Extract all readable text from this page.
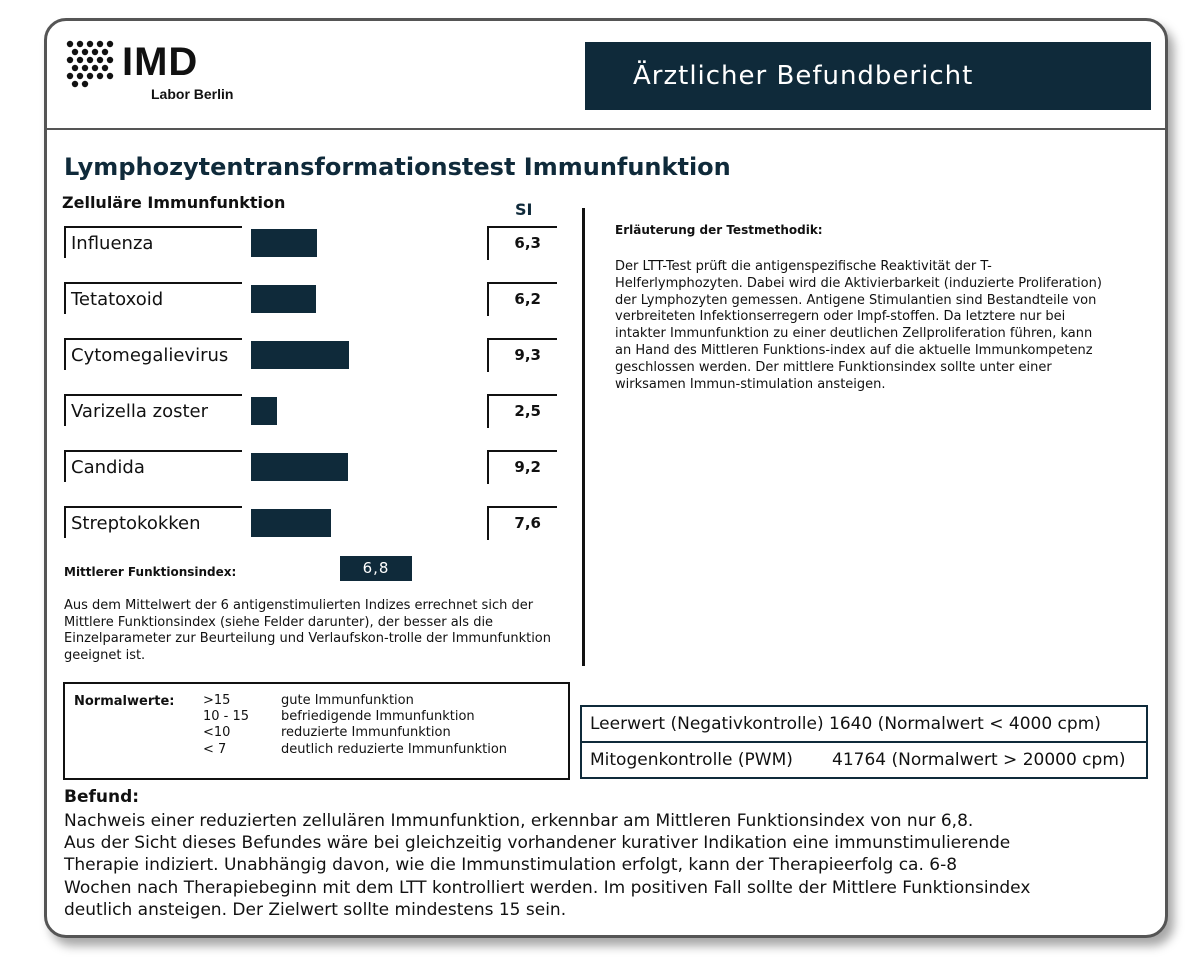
IMD
Labor Berlin
Ärztlicher Befundbericht
Lymphozytentransformationstest Immunfunktion
Zelluläre Immunfunktion	SI
Influenza	6,3
Tetatoxoid	6,2
Cytomegalievirus	9,3
Varizella zoster	2,5
Candida	9,2
Streptokokken	7,6
Erläuterung der Testmethodik:
Der LTT-Test prüft die antigenspezifische Reaktivität der T-Helferlymphozyten. Dabei wird die Aktivierbarkeit (induzierte Proliferation) der Lymphozyten gemessen. Antigene Stimulantien sind Bestandteile von verbreiteten Infektionserregern oder Impf-stoffen. Da letztere nur bei intakter Immunfunktion zu einer deutlichen Zellproliferation führen, kann an Hand des Mittleren Funktions-index auf die aktuelle Immunkompetenz geschlossen werden. Der mittlere Funktionsindex sollte unter einer wirksamen Immun-stimulation ansteigen.
Mittlerer Funktionsindex:	6,8
Aus dem Mittelwert der 6 antigenstimulierten Indizes errechnet sich der Mittlere Funktionsindex (siehe Felder darunter), der besser als die Einzelparameter zur Beurteilung und Verlaufskon-trolle der Immunfunktion geeignet ist.
Normalwerte: >15	gute Immunfunktion
10 - 15	befriedigende Immunfunktion
<10	reduzierte Immunfunktion
< 7	deutlich reduzierte Immunfunktion
Leerwert (Negativkontrolle) 1640 (Normalwert < 4000 cpm)
Mitogenkontrolle (PWM) 41764 (Normalwert > 20000 cpm)
Befund:
Nachweis einer reduzierten zellulären Immunfunktion, erkennbar am Mittleren Funktionsindex von nur 6,8.
Aus der Sicht dieses Befundes wäre bei gleichzeitig vorhandener kurativer Indikation eine immunstimulierende
Therapie indiziert. Unabhängig davon, wie die Immunstimulation erfolgt, kann der Therapieerfolg ca. 6-8
Wochen nach Therapiebeginn mit dem LTT kontrolliert werden. Im positiven Fall sollte der Mittlere Funktionsindex
deutlich ansteigen. Der Zielwert sollte mindestens 15 sein.
